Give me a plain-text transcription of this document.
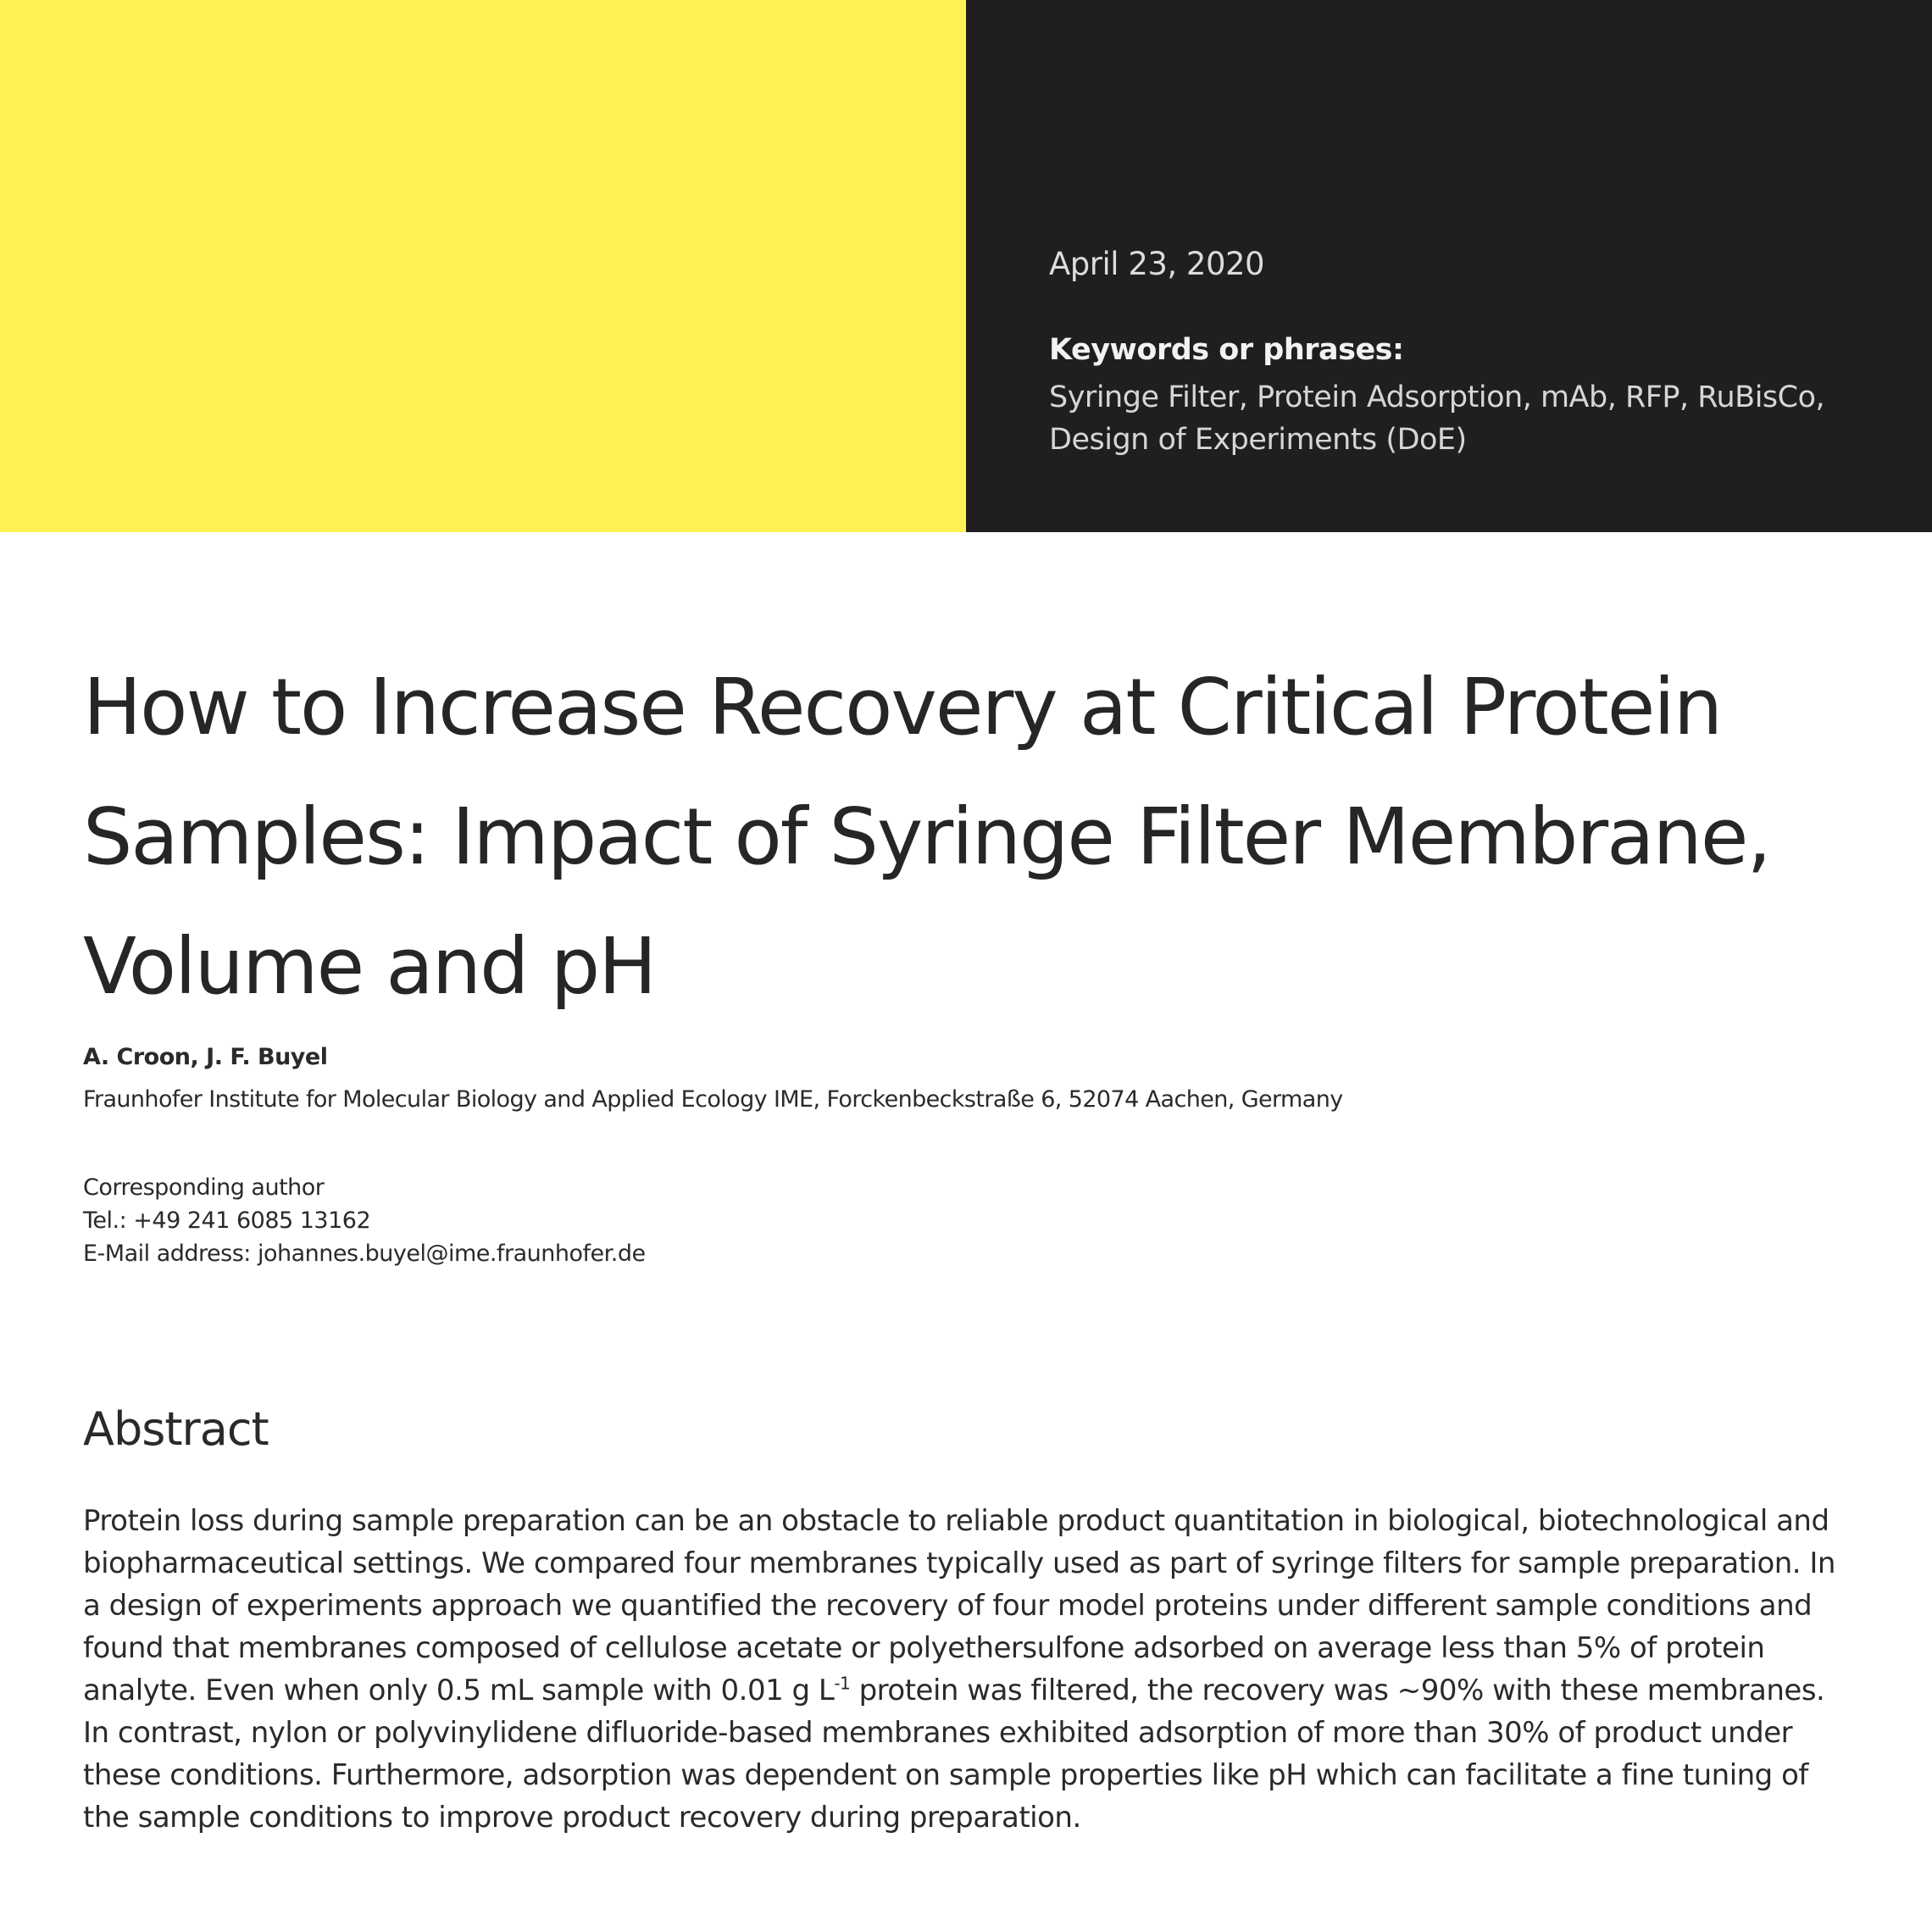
April 23, 2020
Keywords or phrases:
Syringe Filter, Protein Adsorption, mAb, RFP, RuBisCo, Design of Experiments (DoE)
How to Increase Recovery at Critical Protein Samples: Impact of Syringe Filter Membrane, Volume and pH
A. Croon, J. F. Buyel
Fraunhofer Institute for Molecular Biology and Applied Ecology IME, Forckenbeckstraße 6, 52074 Aachen, Germany
Corresponding author
Tel.: +49 241 6085 13162
E-Mail address: johannes.buyel@ime.fraunhofer.de
Abstract

Protein loss during sample preparation can be an obstacle to reliable product quantitation in biological, biotechnological and biopharmaceutical settings. We compared four membranes typically used as part of syringe filters for sample preparation. In a design of experiments approach we quantified the recovery of four model proteins under different sample conditions and found that membranes composed of cellulose acetate or polyethersulfone adsorbed on average less than 5% of protein analyte. Even when only 0.5 mL sample with 0.01 g $L^{-1}$ protein was filtered, the recovery was ~90% with these membranes. In contrast, nylon or polyvinylidene difluoride-based membranes exhibited adsorption of more than 30% of product under these conditions. Furthermore, adsorption was dependent on sample properties like pH which can facilitate a fine tuning of the sample conditions to improve product recovery during preparation.
